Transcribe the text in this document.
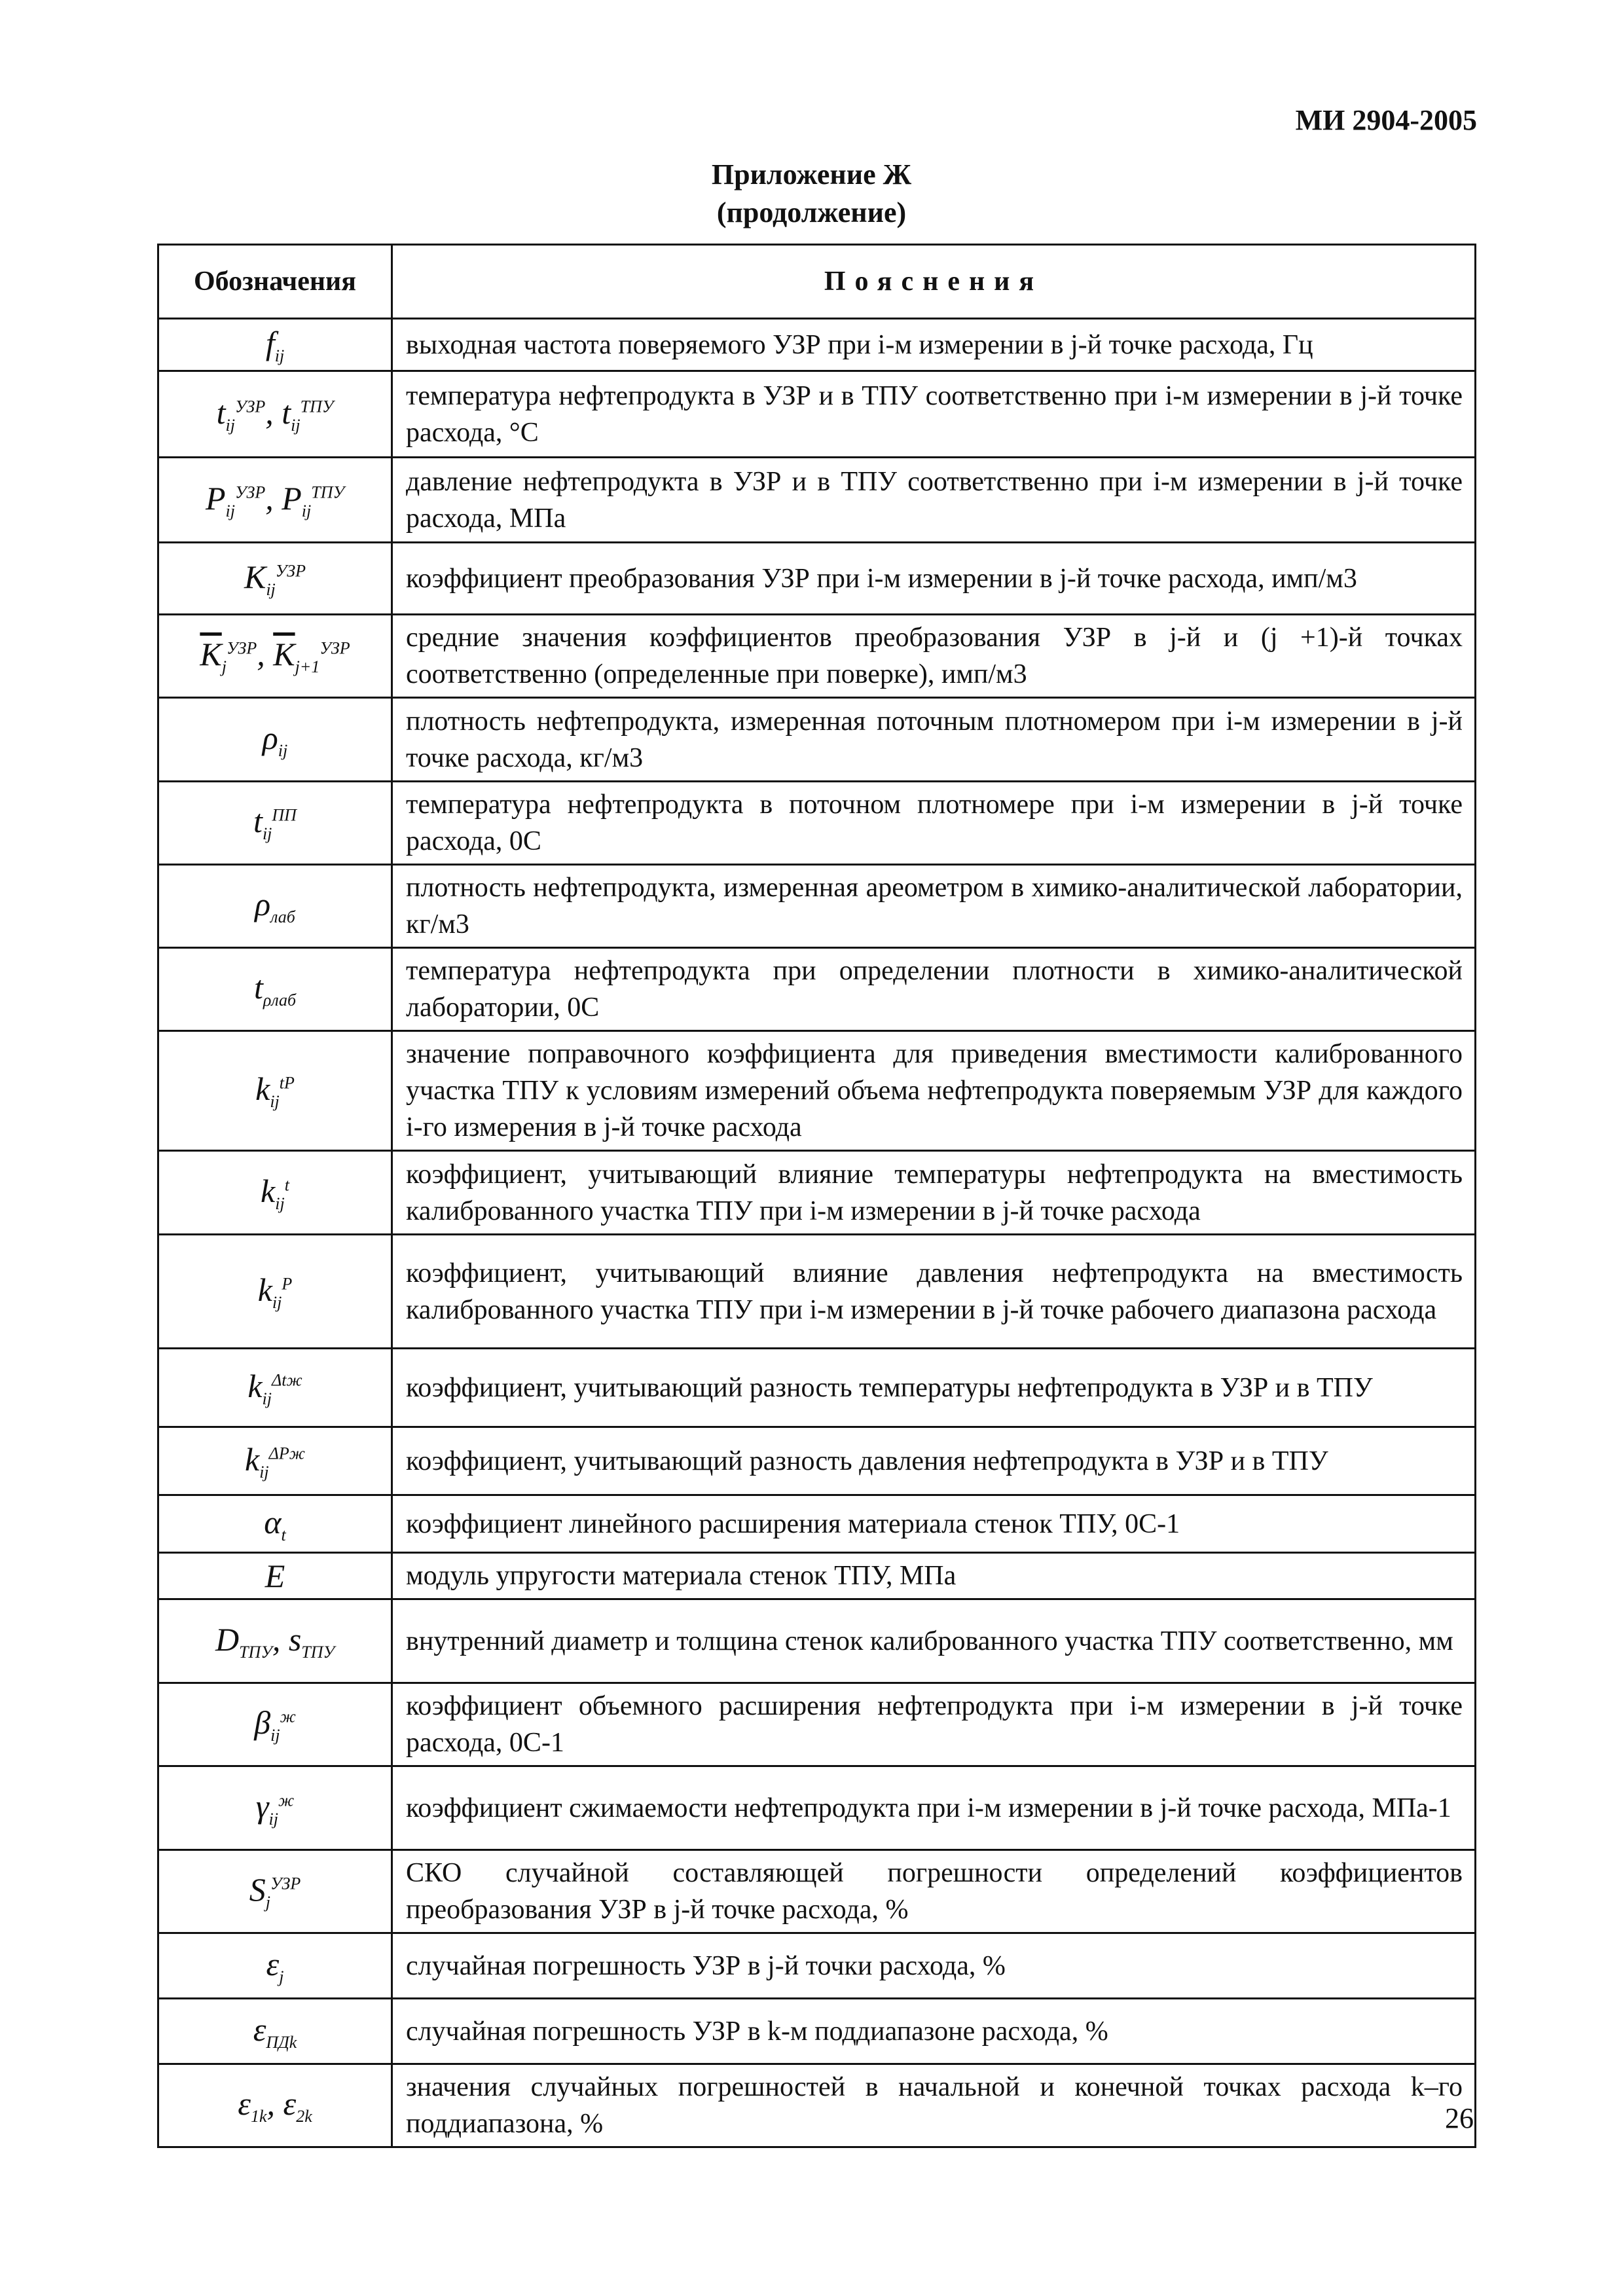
МИ 2904-2005
Приложение Ж
(продолжение)
Обозначения	Пояснения
$f_{ij}$	выходная частота поверяемого УЗР при i-м измерении в j-й точке расхода, Гц
$t_{ij}^{УЗР}$, $t_{ij}^{ТПУ}$	температура нефтепродукта в УЗР и в ТПУ соответственно при i-м измерении в j-й точке расхода, °С
$P_{ij}^{УЗР}$, $P_{ij}^{ТПУ}$	давление нефтепродукта в УЗР и в ТПУ соответственно при i-м измерении в j-й точке расхода, МПа
$K_{ij}^{УЗР}$	коэффициент преобразования УЗР при i-м измерении в j-й точке расхода, имп/м3
$\overline{K}_j^{УЗР}$, $\overline{K}_{j+1}^{УЗР}$	средние значения коэффициентов преобразования УЗР в j-й и (j +1)-й точках соответственно (определенные при поверке), имп/м3
$\rho_{ij}$	плотность нефтепродукта, измеренная поточным плотномером при i-м измерении в j-й точке расхода, кг/м3
$t_{ij}^{ПП}$	температура нефтепродукта в поточном плотномере при i-м измерении в j-й точке расхода, 0С
$\rho_{лаб}$	плотность нефтепродукта, измеренная ареометром в химико-аналитической лаборатории, кг/м3
$t_{\rho лаб}$	температура нефтепродукта при определении плотности в химико-аналитической лаборатории, 0С
$k_{ij}^{tP}$	значение поправочного коэффициента для приведения вместимости калиброванного участка ТПУ к условиям измерений объема нефтепродукта поверяемым УЗР для каждого i-го измерения в j-й точке расхода
$k_{ij}^t$	коэффициент, учитывающий влияние температуры нефтепродукта на вместимость калиброванного участка ТПУ при i-м измерении в j-й точке расхода
$k_{ij}^P$	коэффициент, учитывающий влияние давления нефтепродукта на вместимость калиброванного участка ТПУ при i-м измерении в j-й точке рабочего диапазона расхода
$k_{ij}^{\Delta tж}$	коэффициент, учитывающий разность температуры нефтепродукта в УЗР и в ТПУ
$k_{ij}^{\Delta Pж}$	коэффициент, учитывающий разность давления нефтепродукта в УЗР и в ТПУ
$\alpha_t$	коэффициент линейного расширения материала стенок ТПУ, 0С-1
E	модуль упругости материала стенок ТПУ, МПа
$D_{ТПУ}$, $s_{ТПУ}$	внутренний диаметр и толщина стенок калиброванного участка ТПУ соответственно, мм
$\beta_{ij}^ж$	коэффициент объемного расширения нефтепродукта при i-м измерении в j-й точке расхода, 0С-1
$\gamma_{ij}^ж$	коэффициент сжимаемости нефтепродукта при i-м измерении в j-й точке расхода, МПа-1
$S_j^{УЗР}$	СКО случайной составляющей погрешности определений коэффициентов преобразования УЗР в j-й точке расхода, %
$\varepsilon_j$	случайная погрешность УЗР в j-й точки расхода, %
$\varepsilon_{ПДk}$	случайная погрешность УЗР в k-м поддиапазоне расхода, %
$\varepsilon_{1k}$, $\varepsilon_{2k}$	значения случайных погрешностей в начальной и конечной точках расхода k–го поддиапазона, %	26
